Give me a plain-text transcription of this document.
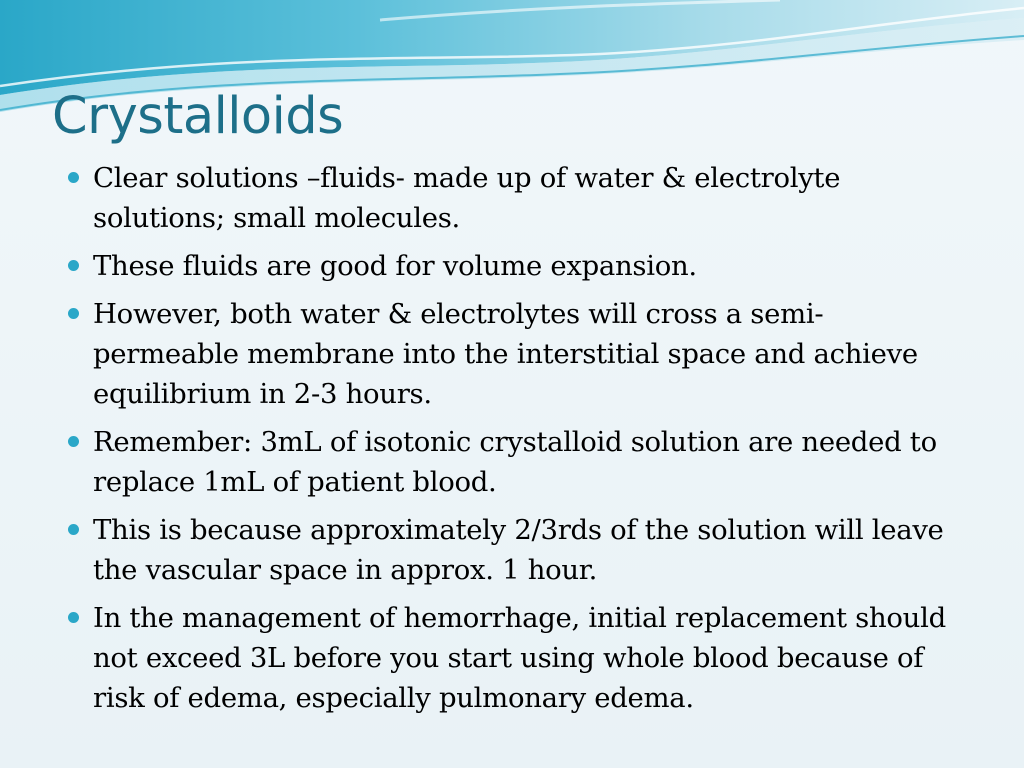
Crystalloids
Clear solutions –fluids- made up of water & electrolyte solutions; small molecules.
These fluids are good for volume expansion.
However, both water & electrolytes will cross a semi-permeable membrane into the interstitial space and achieve equilibrium in 2-3 hours.
Remember: 3mL of isotonic crystalloid solution are needed to replace 1mL of patient blood.
This is because approximately 2/3rds of the solution will leave the vascular space in approx. 1 hour.
In the management of hemorrhage, initial replacement should not exceed 3L before you start using whole blood because of risk of edema, especially pulmonary edema.
